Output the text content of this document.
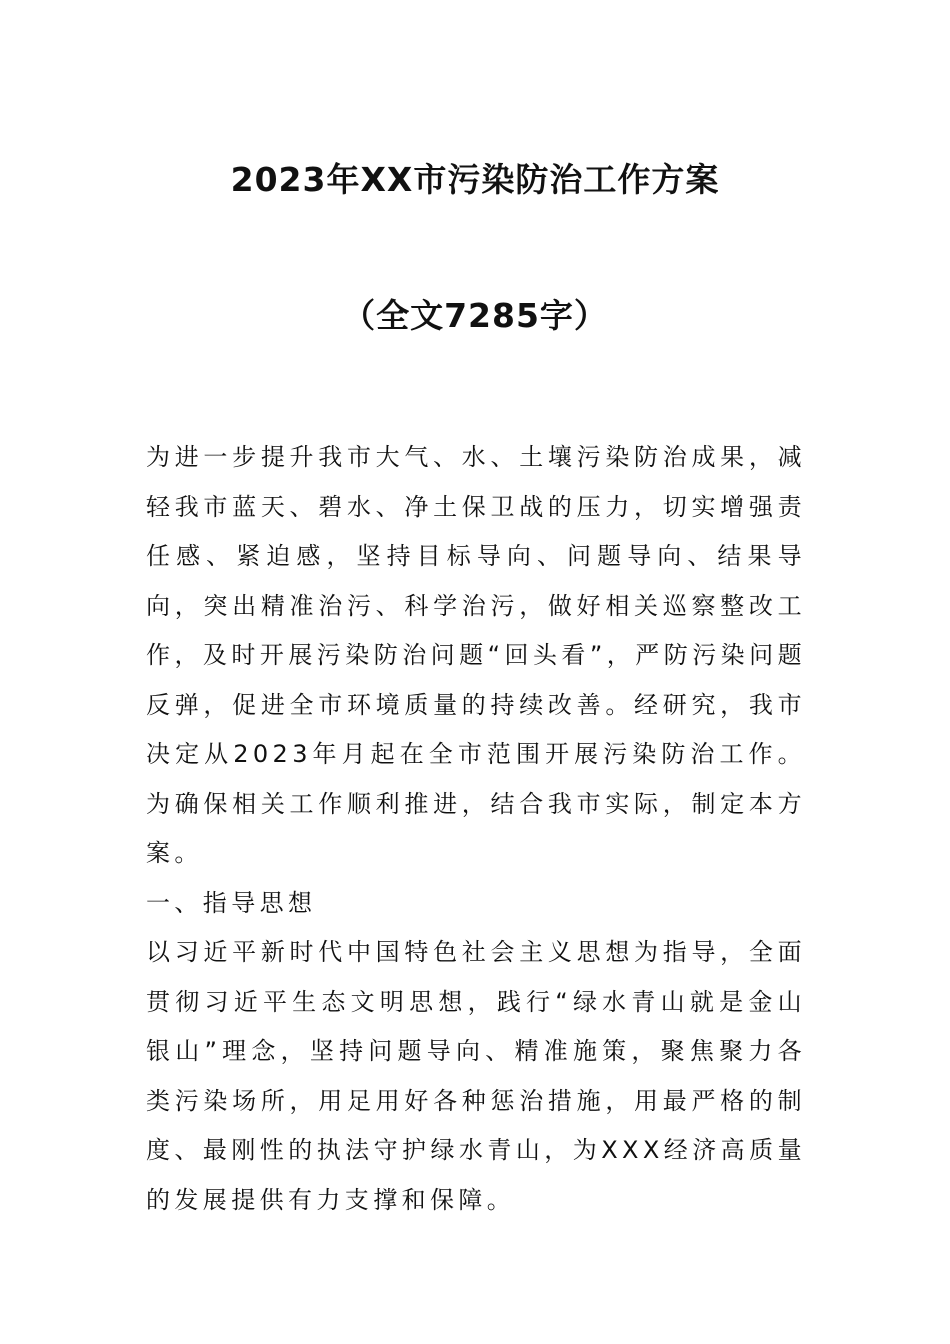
2023年XX市污染防治工作方案
（全文7285字）

为进一步提升我市大气、水、土壤污染防治成果，减轻我市蓝天、碧水、净土保卫战的压力，切实增强责任感、紧迫感，坚持目标导向、问题导向、结果导向，突出精准治污、科学治污，做好相关巡察整改工作，及时开展污染防治问题“回头看”，严防污染问题反弹，促进全市环境质量的持续改善。经研究，我市决定从2023年月起在全市范围开展污染防治工作。为确保相关工作顺利推进，结合我市实际，制定本方案。

一、指导思想

以习近平新时代中国特色社会主义思想为指导，全面贯彻习近平生态文明思想，践行“绿水青山就是金山银山”理念，坚持问题导向、精准施策，聚焦聚力各类污染场所，用足用好各种惩治措施，用最严格的制度、最刚性的执法守护绿水青山，为XXX经济高质量的发展提供有力支撑和保障。
